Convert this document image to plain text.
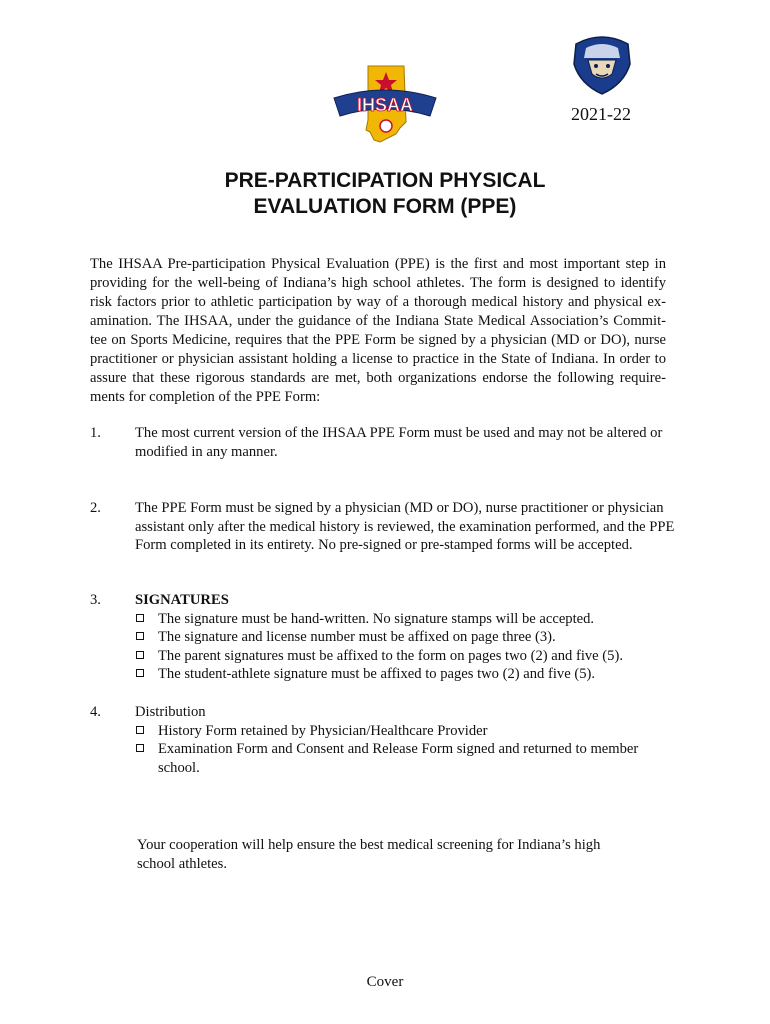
IHSAA	2021-22
PRE-PARTICIPATION PHYSICAL
EVALUATION FORM (PPE)
The IHSAA Pre-participation Physical Evaluation (PPE) is the first and most important step in providing for the well-being of Indiana’s high school athletes. The form is designed to identify risk factors prior to athletic participation by way of a thorough medical history and physical ex-amination. The IHSAA, under the guidance of the Indiana State Medical Association’s Commit-tee on Sports Medicine, requires that the PPE Form be signed by a physician (MD or DO), nurse practitioner or physician assistant holding a license to practice in the State of Indiana. In order to assure that these rigorous standards are met, both organizations endorse the following require-ments for completion of the PPE Form:
1. The most current version of the IHSAA PPE Form must be used and may not be altered or modified in any manner.
2. The PPE Form must be signed by a physician (MD or DO), nurse practitioner or physician assistant only after the medical history is reviewed, the examination performed, and the PPE Form completed in its entirety. No pre-signed or pre-stamped forms will be accepted.
3. SIGNATURES
The signature must be hand-written. No signature stamps will be accepted.
The signature and license number must be affixed on page three (3).
The parent signatures must be affixed to the form on pages two (2) and five (5).
The student-athlete signature must be affixed to pages two (2) and five (5).
4. Distribution
History Form retained by Physician/Healthcare Provider
Examination Form and Consent and Release Form signed and returned to member school.
Your cooperation will help ensure the best medical screening for Indiana’s high school athletes.
Cover
